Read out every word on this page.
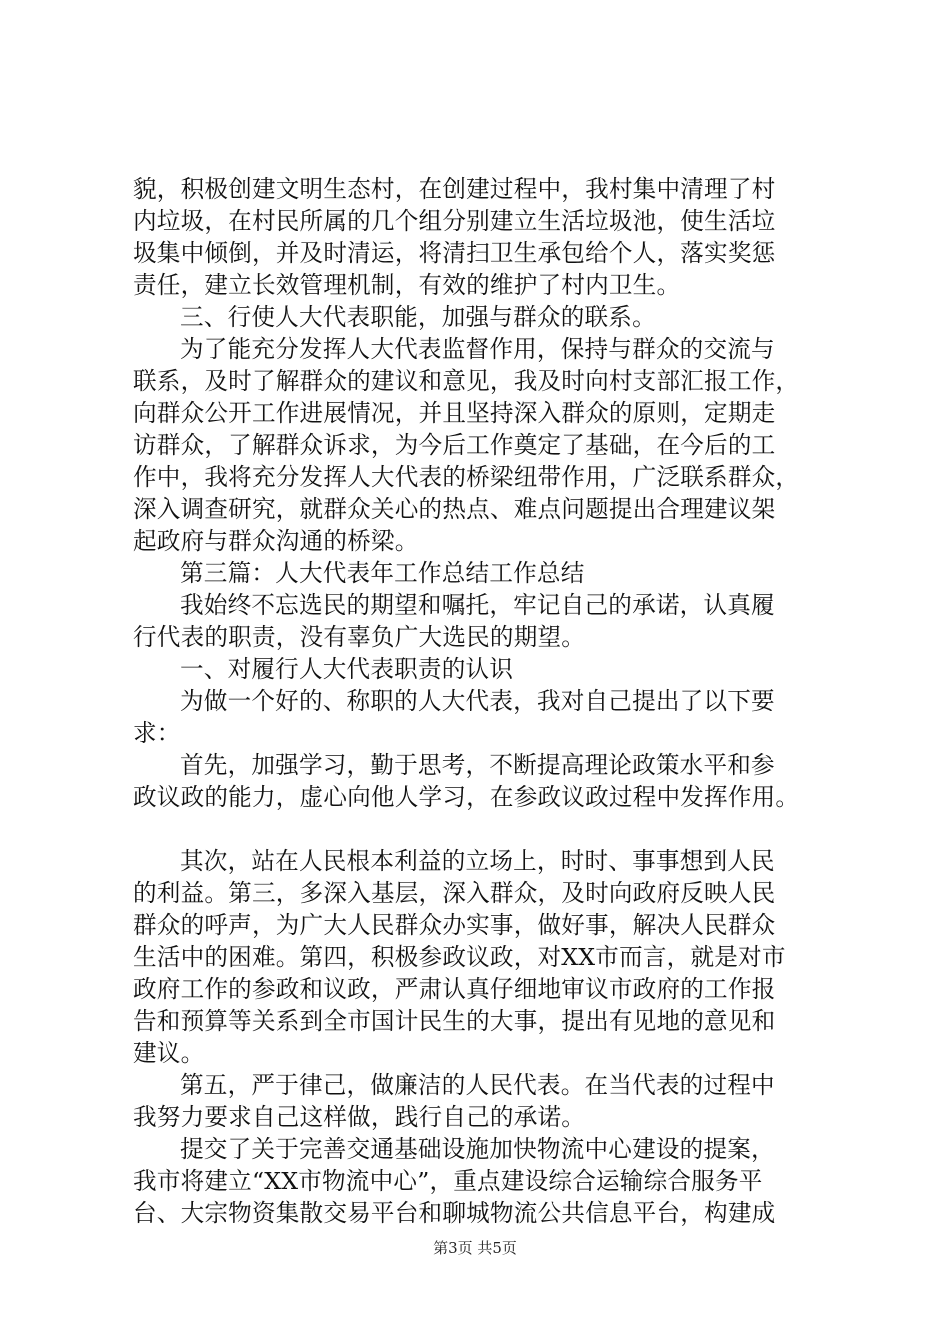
貌，积极创建文明生态村，在创建过程中，我村集中清理了村
内垃圾，在村民所属的几个组分别建立生活垃圾池，使生活垃
圾集中倾倒，并及时清运，将清扫卫生承包给个人，落实奖惩
责任，建立长效管理机制，有效的维护了村内卫生。
三、行使人大代表职能，加强与群众的联系。
为了能充分发挥人大代表监督作用，保持与群众的交流与
联系，及时了解群众的建议和意见，我及时向村支部汇报工作，
向群众公开工作进展情况，并且坚持深入群众的原则，定期走
访群众，了解群众诉求，为今后工作奠定了基础，在今后的工
作中，我将充分发挥人大代表的桥梁纽带作用，广泛联系群众，
深入调查研究，就群众关心的热点、难点问题提出合理建议架
起政府与群众沟通的桥梁。
第三篇：人大代表年工作总结工作总结
我始终不忘选民的期望和嘱托，牢记自己的承诺，认真履
行代表的职责，没有辜负广大选民的期望。
一、对履行人大代表职责的认识
为做一个好的、称职的人大代表，我对自己提出了以下要
求：
首先，加强学习，勤于思考，不断提高理论政策水平和参
政议政的能力，虚心向他人学习，在参政议政过程中发挥作用。
其次，站在人民根本利益的立场上，时时、事事想到人民
的利益。第三，多深入基层，深入群众，及时向政府反映人民
群众的呼声，为广大人民群众办实事，做好事，解决人民群众
生活中的困难。第四，积极参政议政，对XX市而言，就是对市
政府工作的参政和议政，严肃认真仔细地审议市政府的工作报
告和预算等关系到全市国计民生的大事，提出有见地的意见和
建议。
第五，严于律己，做廉洁的人民代表。在当代表的过程中
我努力要求自己这样做，践行自己的承诺。
提交了关于完善交通基础设施加快物流中心建设的提案，
我市将建立“XX市物流中心”，重点建设综合运输综合服务平
台、大宗物资集散交易平台和聊城物流公共信息平台，构建成
第3页 共5页
